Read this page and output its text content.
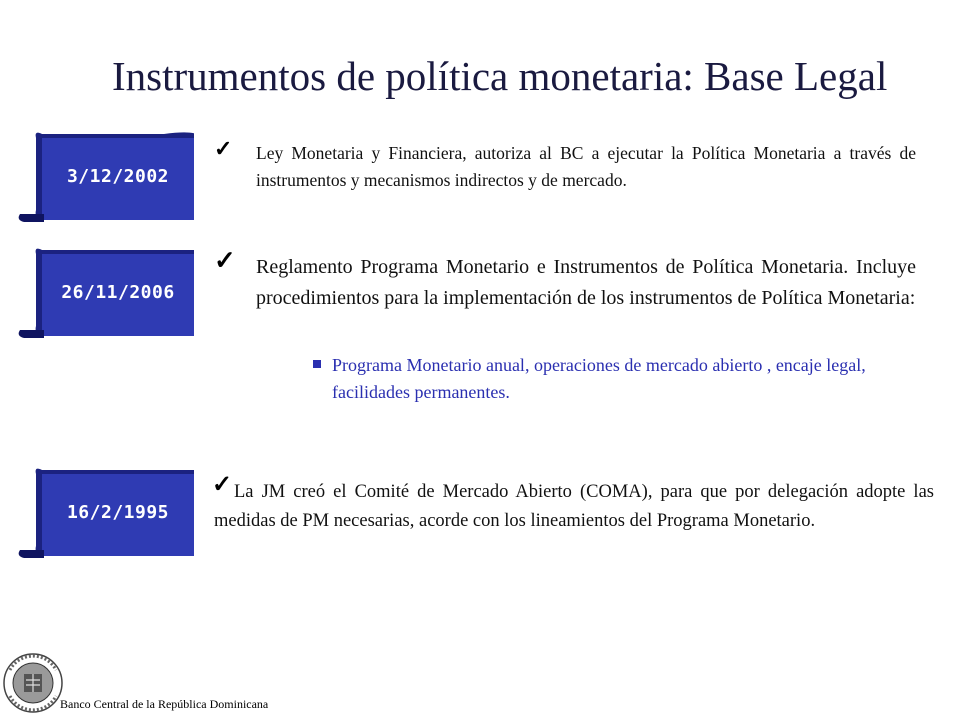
Instrumentos de política monetaria: Base Legal
3/12/2002
✓ Ley Monetaria y Financiera, autoriza al BC a ejecutar la Política Monetaria a través de instrumentos y mecanismos indirectos y de mercado.
26/11/2006
✓ Reglamento Programa Monetario e Instrumentos de Política Monetaria. Incluye procedimientos para la implementación de los instrumentos de Política Monetaria:
Programa Monetario anual, operaciones de mercado abierto , encaje legal, facilidades permanentes.
16/2/1995
✓ La JM creó el Comité de Mercado Abierto (COMA), para que por delegación adopte las medidas de PM necesarias, acorde con los lineamientos del Programa Monetario.
Banco Central de la República Dominicana
